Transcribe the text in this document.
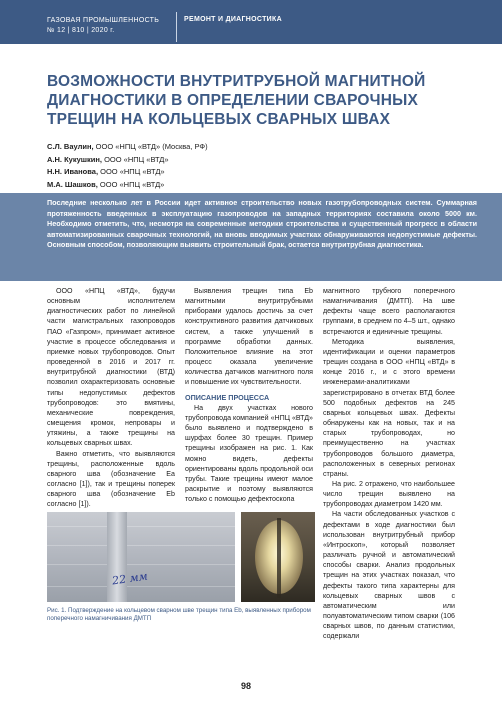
ГАЗОВАЯ ПРОМЫШЛЕННОСТЬ
№ 12 | 810 | 2020 г.
РЕМОНТ И ДИАГНОСТИКА
ВОЗМОЖНОСТИ ВНУТРИТРУБНОЙ МАГНИТНОЙ ДИАГНОСТИКИ В ОПРЕДЕЛЕНИИ СВАРОЧНЫХ ТРЕЩИН НА КОЛЬЦЕВЫХ СВАРНЫХ ШВАХ
С.Л. Ваулин, ООО «НПЦ «ВТД» (Москва, РФ)
А.Н. Кукушкин, ООО «НПЦ «ВТД»
Н.Н. Иванова, ООО «НПЦ «ВТД»
М.А. Шашков, ООО «НПЦ «ВТД»

Последние несколько лет в России идет активное строительство новых газотрубопроводных систем. Суммарная протяженность введенных в эксплуатацию газопроводов на западных территориях составила около 5000 км. Необходимо отметить, что, несмотря на современные методики строительства и существенный прогресс в области автоматизированных сварочных технологий, на вновь вводимых участках обнаруживаются недопустимые дефекты. Основным способом, позволяющим выявить строительный брак, остается внутритрубная диагностика.

ООО «НПЦ «ВТД», будучи основным исполнителем диагностических работ по линейной части магистральных газопроводов ПАО «Газпром», принимает активное участие в процессе обследования и приемке новых трубопроводов. Опыт проведенной в 2016 и 2017 гг. внутритрубной диагностики (ВТД) позволил охарактеризовать основные типы недопустимых дефектов трубопроводов: это вмятины, механические повреждения, смещения кромок, непровары и утяжины, а также трещины на кольцевых сварных швах.

Важно отметить, что выявляются трещины, расположенные вдоль сварного шва (обозначение Ea согласно [1]), так и трещины поперек сварного шва (обозначение Eb согласно [1]).

Выявления трещин типа Eb магнитными внутритрубными приборами удалось достичь за счет конструктивного развития датчиковых систем, а также улучшений в программе обработки данных. Положительное влияние на этот процесс оказала увеличение количества датчиков магнитного поля и повышение их чувствительности.

ОПИСАНИЕ ПРОЦЕССА

На двух участках нового трубопровода компанией «НПЦ «ВТД» было выявлено и подтверждено в шурфах более 30 трещин. Пример трещины изображен на рис. 1. Как можно видеть, дефекты ориентированы вдоль продольной оси трубы. Такие трещины имеют малое раскрытие и поэтому выявляются только с помощью дефектоскопа

магнитного трубного поперечного намагничивания (ДМТП). На шве дефекты чаще всего располагаются группами, в среднем по 4–5 шт., однако встречаются и единичные трещины.

Методика выявления, идентификации и оценки параметров трещин создана в ООО «НПЦ «ВТД» в конце 2016 г., и с этого времени инженерами-аналитиками зарегистрировано в отчетах ВТД более 500 подобных дефектов на 245 сварных кольцевых швах. Дефекты обнаружены как на новых, так и на старых трубопроводах, но преимущественно на участках трубопроводов большого диаметра, расположенных в северных регионах страны.

На рис. 2 отражено, что наибольшее число трещин выявлено на трубопроводах диаметром 1420 мм.

На части обследованных участков с дефектами в ходе диагностики был использован внутритрубный прибор «Интроскоп», который позволяет различать ручной и автоматический способы сварки. Анализ продольных трещин на этих участках показал, что дефекты такого типа характерны для кольцевых сварных швов с автоматическим или полуавтоматическим типом сварки (106 сварных швов, по данным статистики, содержали

22 мм

Рис. 1. Подтверждение на кольцевом сварном шве трещин типа Eb, выявленных прибором поперечного намагничивания ДМТП

98
